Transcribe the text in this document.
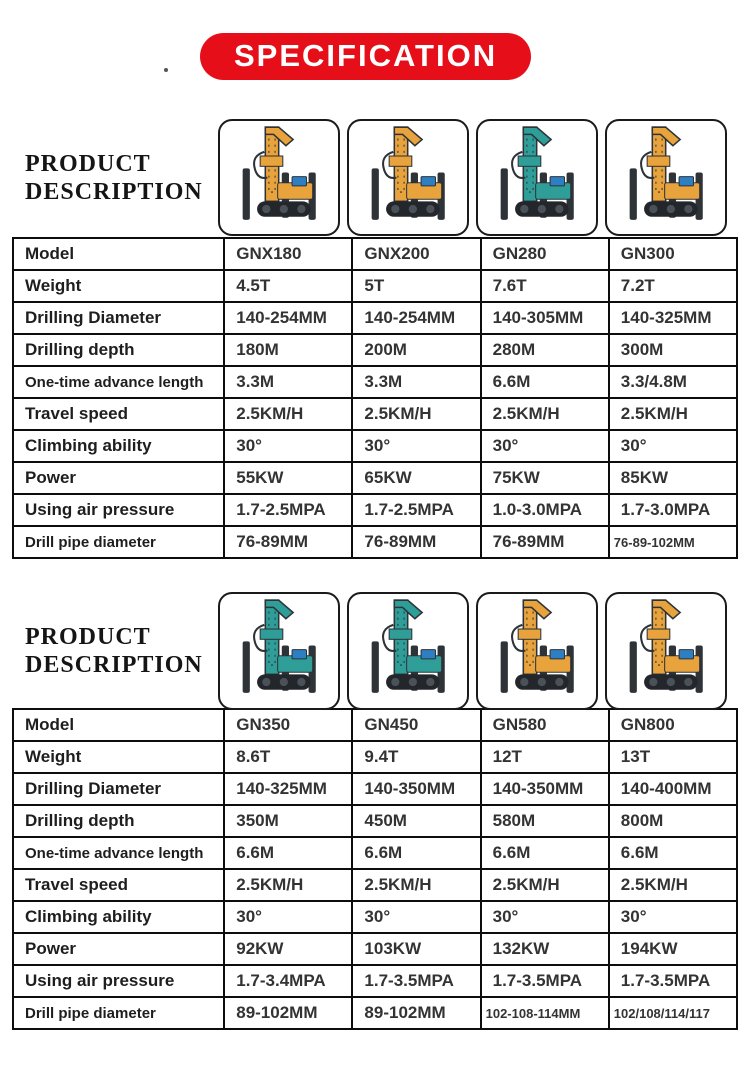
SPECIFICATION
PRODUCT
DESCRIPTION
Model	GNX180	GNX200	GN280	GN300
Weight	4.5T	5T	7.6T	7.2T
Drilling Diameter	140-254MM	140-254MM	140-305MM	140-325MM
Drilling depth	180M	200M	280M	300M
One-time advance length	3.3M	3.3M	6.6M	3.3/4.8M
Travel speed	2.5KM/H	2.5KM/H	2.5KM/H	2.5KM/H
Climbing ability	30°	30°	30°	30°
Power	55KW	65KW	75KW	85KW
Using air pressure	1.7-2.5MPA	1.7-2.5MPA	1.0-3.0MPA	1.7-3.0MPA
Drill pipe diameter	76-89MM	76-89MM	76-89MM	76-89-102MM
PRODUCT
DESCRIPTION
Model	GN350	GN450	GN580	GN800
Weight	8.6T	9.4T	12T	13T
Drilling Diameter	140-325MM	140-350MM	140-350MM	140-400MM
Drilling depth	350M	450M	580M	800M
One-time advance length	6.6M	6.6M	6.6M	6.6M
Travel speed	2.5KM/H	2.5KM/H	2.5KM/H	2.5KM/H
Climbing ability	30°	30°	30°	30°
Power	92KW	103KW	132KW	194KW
Using air pressure	1.7-3.4MPA	1.7-3.5MPA	1.7-3.5MPA	1.7-3.5MPA
Drill pipe diameter	89-102MM	89-102MM	102-108-114MM	102/108/114/117
